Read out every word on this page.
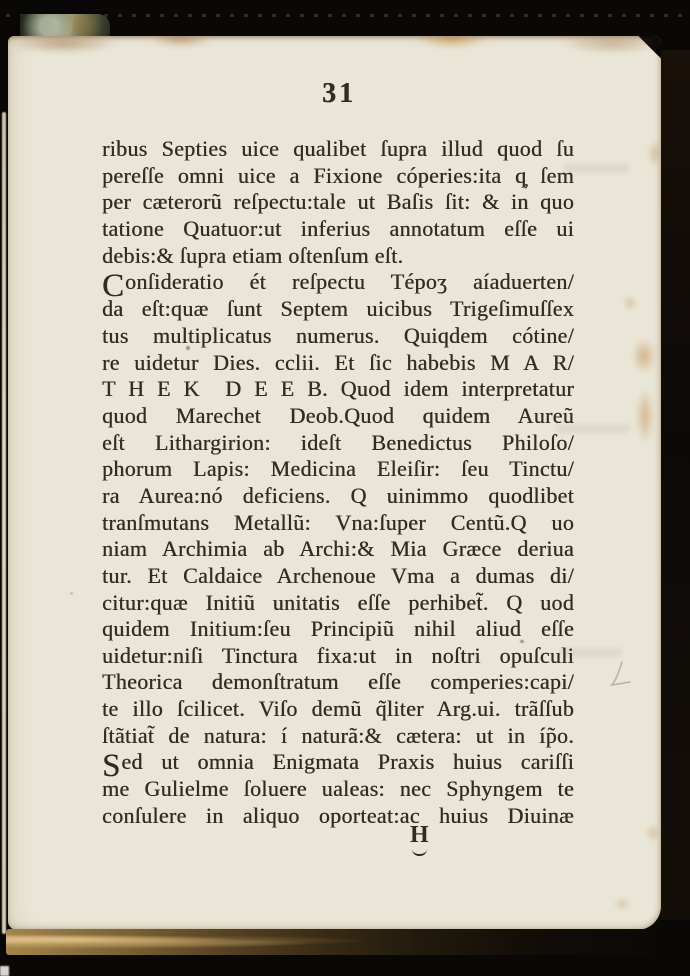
31
ribus Septies uice qualibet ſupra illud quod ſu
pereſſe omni uice a Fixione cóperies:ita q̦ ſem
per cæterorũ reſpectu:tale ut Baſis ſit: & in quo
tatione Quatuor:ut inferius annotatum eſſe ui
debis:& ſupra etiam oſtenſum eſt.
Conſideratio ét reſpectu Tépoʒ aíaduerten/
da eſt:quæ ſunt Septem uicibus Trigeſimuſſex
tus multiplicatus numerus. Quiqdem cótine/
re uidetur Dies. cclii. Et ſic habebis M A R/
T H E K  D E E B. Quod idem interpretatur
quod Marechet Deob.Quod quidem Aureũ
eſt Lithargirion: ideſt Benedictus Philoſo/
phorum Lapis: Medicina Eleiſir: ſeu Tinctu/
ra Aurea:nó deficiens. Q uinimmo quodlibet
tranſmutans Metallũ: Vna:ſuper Centũ.Q uo
niam Archimia ab Archi:& Mia Græce deriua
tur. Et Caldaice Archenoue Vma a dumas di/
citur:quæ Initiũ unitatis eſſe perhibet̃. Q uod
quidem Initium:ſeu Principiũ nihil aliud eſſe
uidetur:niſi Tinctura fixa:ut in noſtri opuſculi
Theorica demonſtratum eſſe comperies:capi/
te illo ſcilicet. Viſo demũ q̃liter Arg.ui. trãſſub
ſtãtiat̃ de natura: í naturã:& cætera: ut in íp̃o.
Sed ut omnia Enigmata Praxis huius cariſſi
me Gulielme ſoluere ualeas: nec Sphyngem te
conſulere in aliquo oporteat:ac huius Diuinæ
H
